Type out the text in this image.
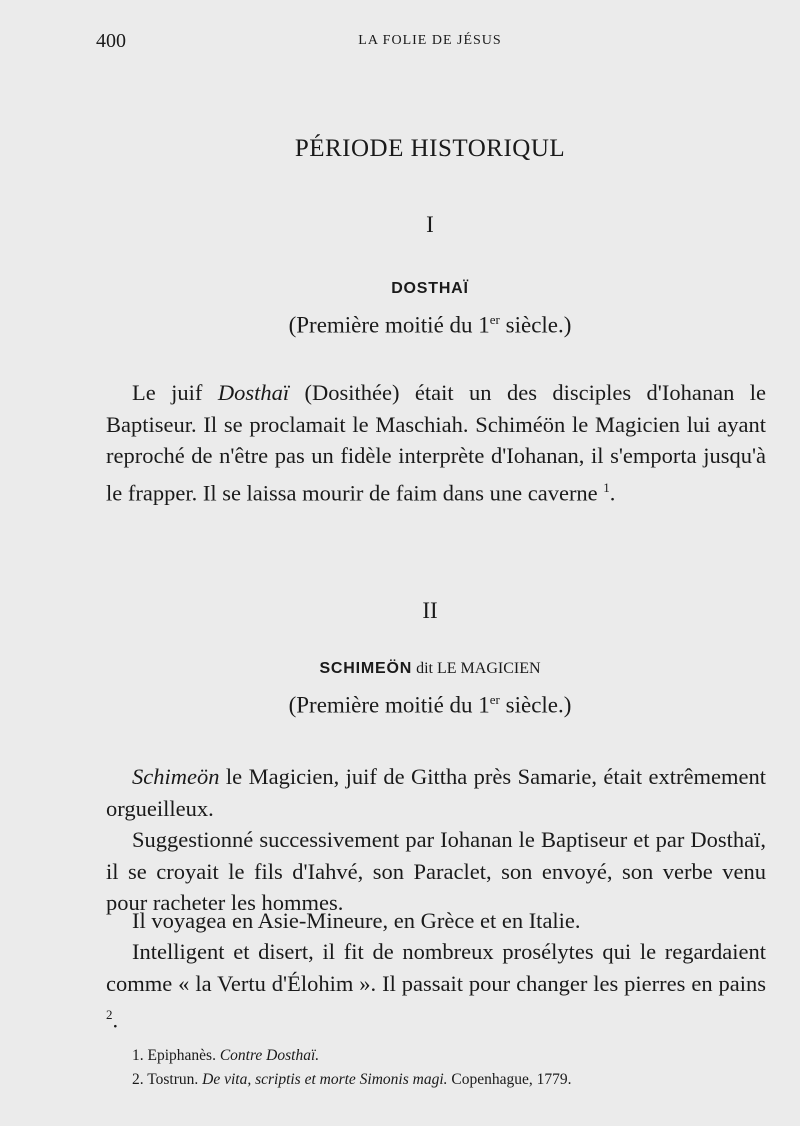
400	LA FOLIE DE JÉSUS
PÉRIODE HISTORIQUL
I
DOSTHAÏ
(Première moitié du 1er siècle.)
Le juif Dosthaï (Dosithée) était un des disciples d'Iohanan le Baptiseur. Il se proclamait le Maschiah. Schiméön le Magicien lui ayant reproché de n'être pas un fidèle interprète d'Iohanan, il s'emporta jusqu'à le frapper. Il se laissa mourir de faim dans une caverne $^1$.
II
SCHIMEÖN dit LE MAGICIEN
(Première moitié du 1er siècle.)
Schimeön le Magicien, juif de Gittha près Samarie, était extrêmement orgueilleux.
Suggestionné successivement par Iohanan le Baptiseur et par Dosthaï, il se croyait le fils d'Iahvé, son Paraclet, son envoyé, son verbe venu pour racheter les hommes.
Il voyagea en Asie-Mineure, en Grèce et en Italie.
Intelligent et disert, il fit de nombreux prosélytes qui le regardaient comme « la Vertu d'Élohim ». Il passait pour changer les pierres en pains $^2$.
1. Epiphanès. Contre Dosthaï.
2. Tostrun. De vita, scriptis et morte Simonis magi. Copenhague, 1779.
